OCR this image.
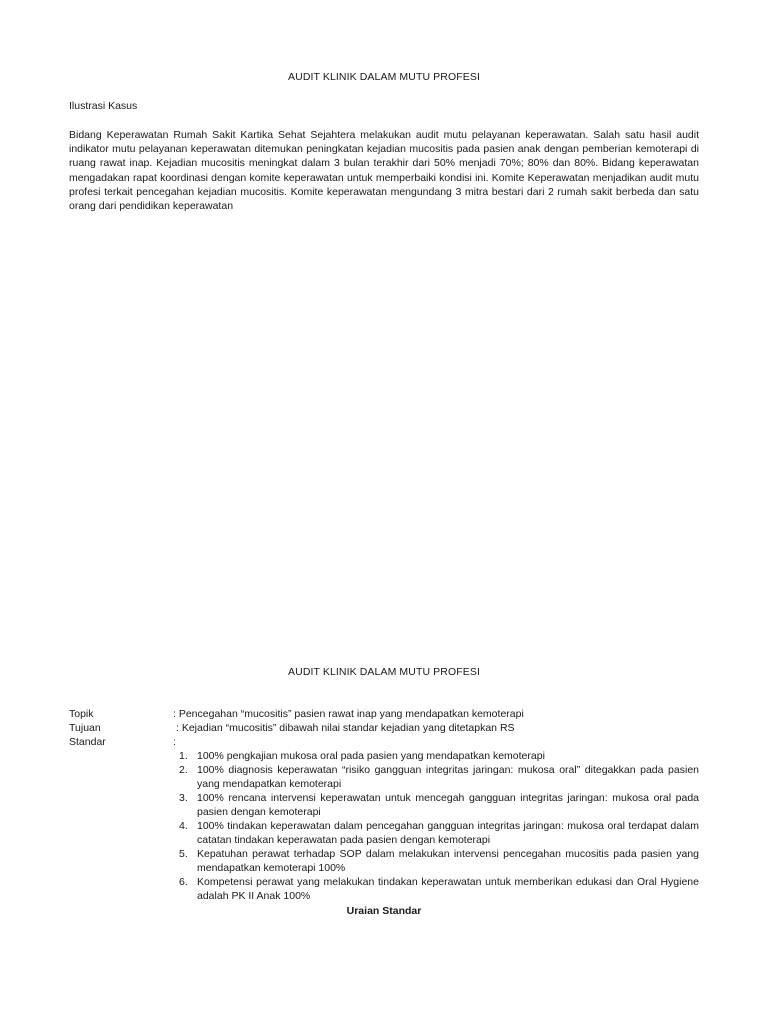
AUDIT KLINIK DALAM MUTU PROFESI
Ilustrasi Kasus
Bidang Keperawatan Rumah Sakit Kartika Sehat Sejahtera melakukan audit mutu pelayanan keperawatan. Salah satu hasil audit indikator mutu pelayanan keperawatan ditemukan peningkatan kejadian mucositis pada pasien anak dengan pemberian kemoterapi di ruang rawat inap. Kejadian mucositis meningkat dalam 3 bulan terakhir dari 50% menjadi 70%; 80% dan 80%. Bidang keperawatan mengadakan rapat koordinasi dengan komite keperawatan untuk memperbaiki kondisi ini. Komite Keperawatan menjadikan audit mutu profesi terkait pencegahan kejadian mucositis. Komite keperawatan mengundang 3 mitra bestari dari 2 rumah sakit berbeda dan satu orang dari pendidikan keperawatan
AUDIT KLINIK DALAM MUTU PROFESI
Topik	: Pencegahan “mucositis” pasien rawat inap yang mendapatkan kemoterapi
Tujuan	: Kejadian “mucositis” dibawah nilai standar kejadian yang ditetapkan RS
Standar	:
1. 100% pengkajian mukosa oral pada pasien yang mendapatkan kemoterapi
2. 100% diagnosis keperawatan “risiko gangguan integritas jaringan: mukosa oral” ditegakkan pada pasien yang mendapatkan kemoterapi
3. 100% rencana intervensi keperawatan untuk mencegah gangguan integritas jaringan: mukosa oral pada pasien dengan kemoterapi
4. 100% tindakan keperawatan dalam pencegahan gangguan integritas jaringan: mukosa oral terdapat dalam catatan tindakan keperawatan pada pasien dengan kemoterapi
5. Kepatuhan perawat terhadap SOP dalam melakukan intervensi pencegahan mucositis pada pasien yang mendapatkan kemoterapi 100%
6. Kompetensi perawat yang melakukan tindakan keperawatan untuk memberikan edukasi dan Oral Hygiene adalah PK II Anak 100%
Uraian Standar
